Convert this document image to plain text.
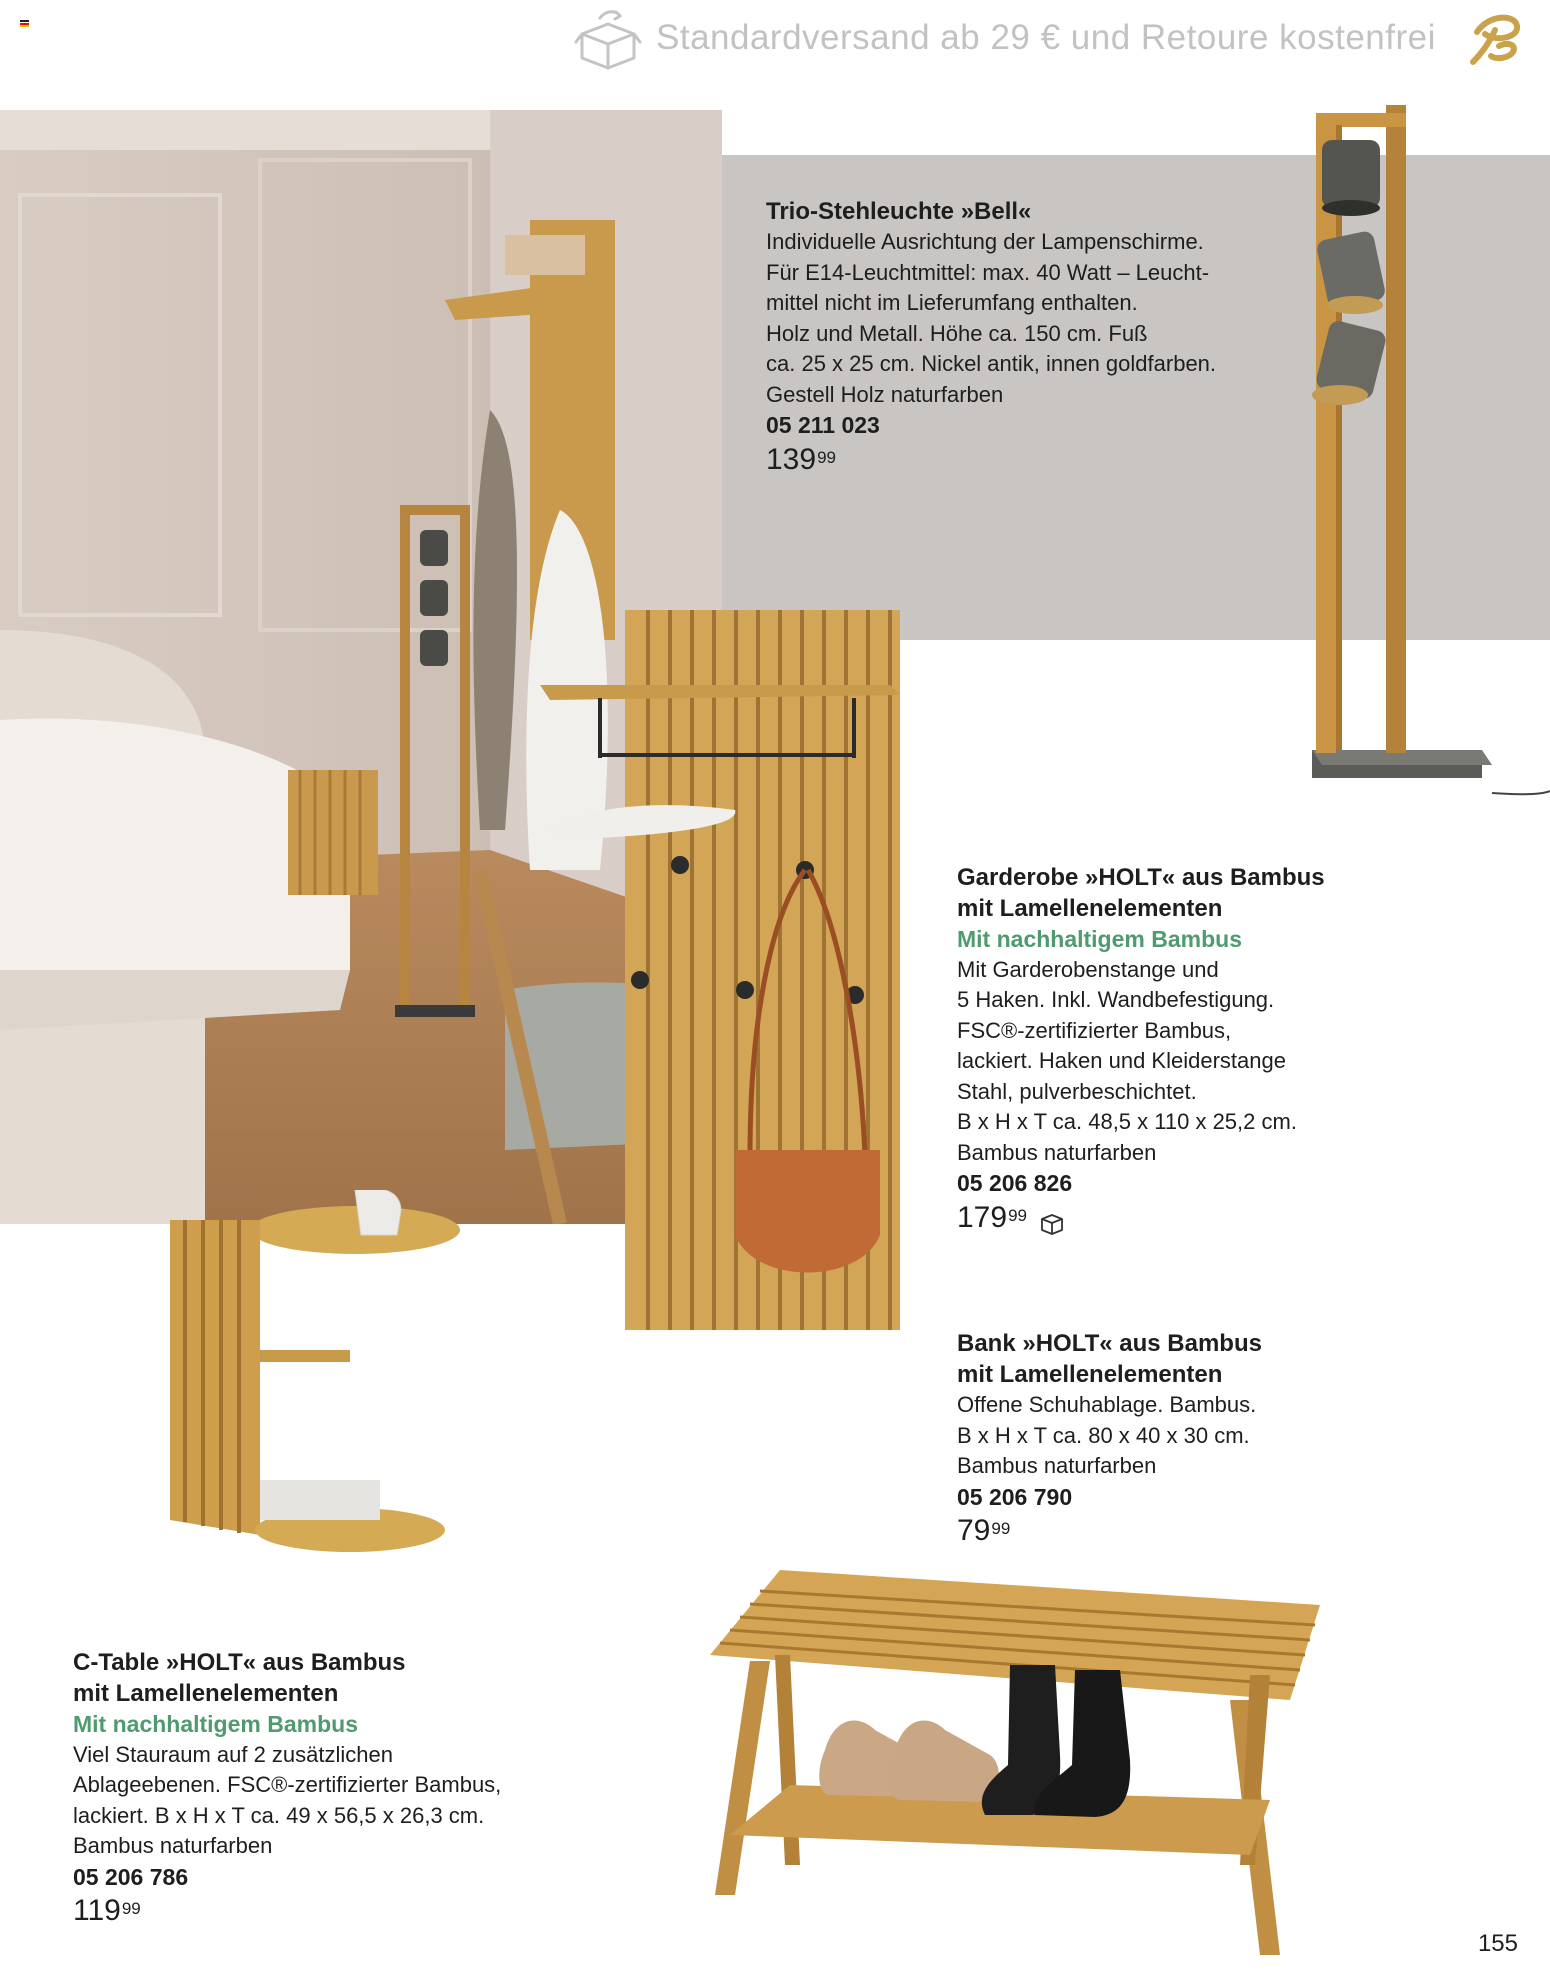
Standardversand ab 29 € und Retoure kostenfrei
Trio-Stehleuchte »Bell«
Individuelle Ausrichtung der Lampenschirme.
Für E14-Leuchtmittel: max. 40 Watt – Leucht-
mittel nicht im Lieferumfang enthalten.
Holz und Metall. Höhe ca. 150 cm. Fuß
ca. 25 x 25 cm. Nickel antik, innen goldfarben.
Gestell Holz naturfarben
05 211 023
139 99
Garderobe »HOLT« aus Bambus
mit Lamellenelementen
Mit nachhaltigem Bambus
Mit Garderobenstange und
5 Haken. Inkl. Wandbefestigung.
FSC®-zertifizierter Bambus,
lackiert. Haken und Kleiderstange
Stahl, pulverbeschichtet.
B x H x T ca. 48,5 x 110 x 25,2 cm.
Bambus naturfarben
05 206 826
179 99
Bank »HOLT« aus Bambus
mit Lamellenelementen
Offene Schuhablage. Bambus.
B x H x T ca. 80 x 40 x 30 cm.
Bambus naturfarben
05 206 790
79 99
C-Table »HOLT« aus Bambus
mit Lamellenelementen
Mit nachhaltigem Bambus
Viel Stauraum auf 2 zusätzlichen
Ablageebenen. FSC®-zertifizierter Bambus,
lackiert. B x H x T ca. 49 x 56,5 x 26,3 cm.
Bambus naturfarben
05 206 786
119 99
155
